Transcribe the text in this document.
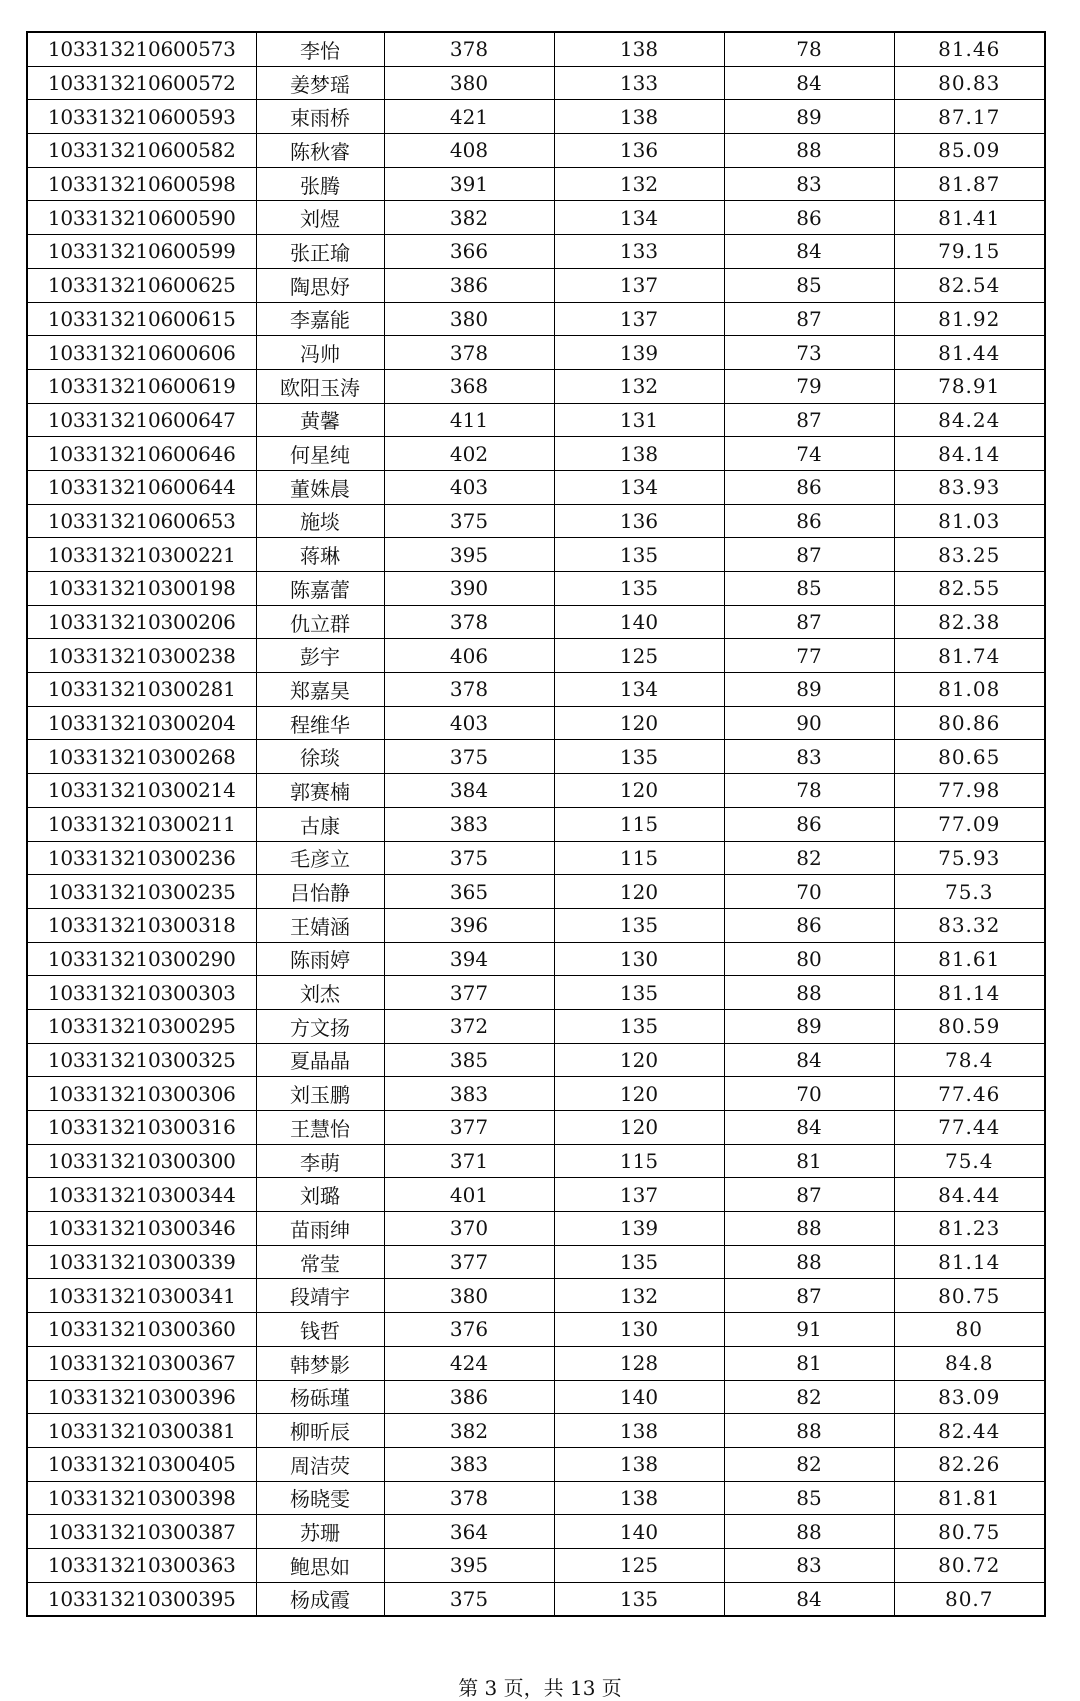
103313210600573	李怡	378	138	78	81.46
103313210600572	姜梦瑶	380	133	84	80.83
103313210600593	束雨桥	421	138	89	87.17
103313210600582	陈秋睿	408	136	88	85.09
103313210600598	张腾	391	132	83	81.87
103313210600590	刘煜	382	134	86	81.41
103313210600599	张正瑜	366	133	84	79.15
103313210600625	陶思妤	386	137	85	82.54
103313210600615	李嘉能	380	137	87	81.92
103313210600606	冯帅	378	139	73	81.44
103313210600619	欧阳玉涛	368	132	79	78.91
103313210600647	黄馨	411	131	87	84.24
103313210600646	何星纯	402	138	74	84.14
103313210600644	董姝晨	403	134	86	83.93
103313210600653	施埮	375	136	86	81.03
103313210300221	蒋琳	395	135	87	83.25
103313210300198	陈嘉蕾	390	135	85	82.55
103313210300206	仇立群	378	140	87	82.38
103313210300238	彭宇	406	125	77	81.74
103313210300281	郑嘉昊	378	134	89	81.08
103313210300204	程维华	403	120	90	80.86
103313210300268	徐琰	375	135	83	80.65
103313210300214	郭赛楠	384	120	78	77.98
103313210300211	古康	383	115	86	77.09
103313210300236	毛彦立	375	115	82	75.93
103313210300235	吕怡静	365	120	70	75.3
103313210300318	王婧涵	396	135	86	83.32
103313210300290	陈雨婷	394	130	80	81.61
103313210300303	刘杰	377	135	88	81.14
103313210300295	方文扬	372	135	89	80.59
103313210300325	夏晶晶	385	120	84	78.4
103313210300306	刘玉鹏	383	120	70	77.46
103313210300316	王慧怡	377	120	84	77.44
103313210300300	李萌	371	115	81	75.4
103313210300344	刘璐	401	137	87	84.44
103313210300346	苗雨绅	370	139	88	81.23
103313210300339	常莹	377	135	88	81.14
103313210300341	段靖宇	380	132	87	80.75
103313210300360	钱哲	376	130	91	80
103313210300367	韩梦影	424	128	81	84.8
103313210300396	杨砾瑾	386	140	82	83.09
103313210300381	柳昕辰	382	138	88	82.44
103313210300405	周洁荧	383	138	82	82.26
103313210300398	杨晓雯	378	138	85	81.81
103313210300387	苏珊	364	140	88	80.75
103313210300363	鲍思如	395	125	83	80.72
103313210300395	杨成霞	375	135	84	80.7
第 3 页，共 13 页
